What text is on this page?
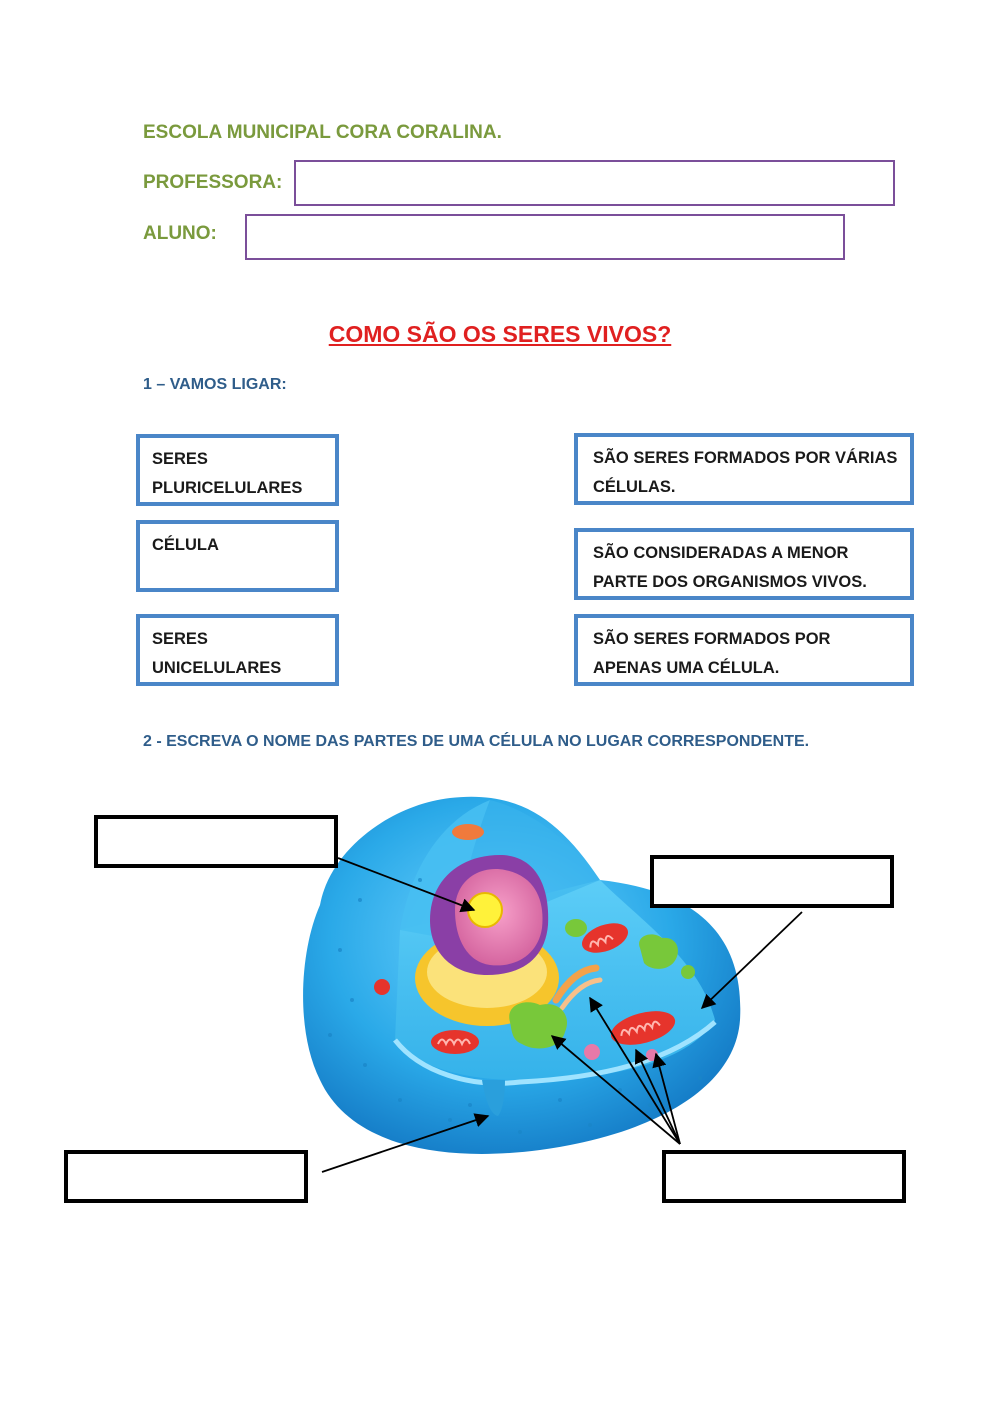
ESCOLA MUNICIPAL CORA CORALINA.
PROFESSORA:
ALUNO:
COMO SÃO OS SERES VIVOS?
1 – VAMOS LIGAR:
SERES
PLURICELULARES
CÉLULA
SERES
UNICELULARES
SÃO SERES FORMADOS POR VÁRIAS
CÉLULAS.
SÃO CONSIDERADAS A MENOR
PARTE DOS ORGANISMOS VIVOS.
SÃO SERES FORMADOS POR
APENAS UMA CÉLULA.
2 - ESCREVA O NOME DAS PARTES DE UMA CÉLULA NO LUGAR CORRESPONDENTE.
